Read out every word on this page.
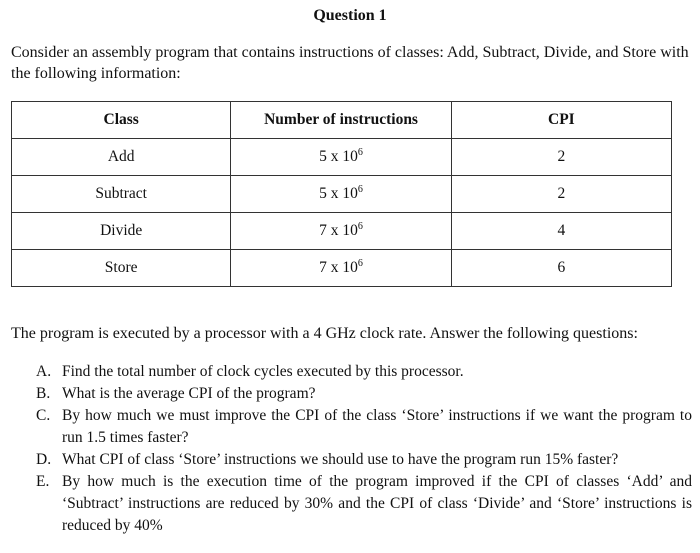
Question 1
Consider an assembly program that contains instructions of classes: Add, Subtract, Divide, and Store with the following information:
Class	Number of instructions	CPI
Add	5 x $10^6$	2
Subtract	5 x $10^6$	2
Divide	7 x $10^6$	4
Store	7 x $10^6$	6
The program is executed by a processor with a 4 GHz clock rate. Answer the following questions:
A. Find the total number of clock cycles executed by this processor.
B. What is the average CPI of the program?
C. By how much we must improve the CPI of the class ‘Store’ instructions if we want the program to run 1.5 times faster?
D. What CPI of class ‘Store’ instructions we should use to have the program run 15% faster?
E. By how much is the execution time of the program improved if the CPI of classes ‘Add’ and ‘Subtract’ instructions are reduced by 30% and the CPI of class ‘Divide’ and ‘Store’ instructions is reduced by 40%
